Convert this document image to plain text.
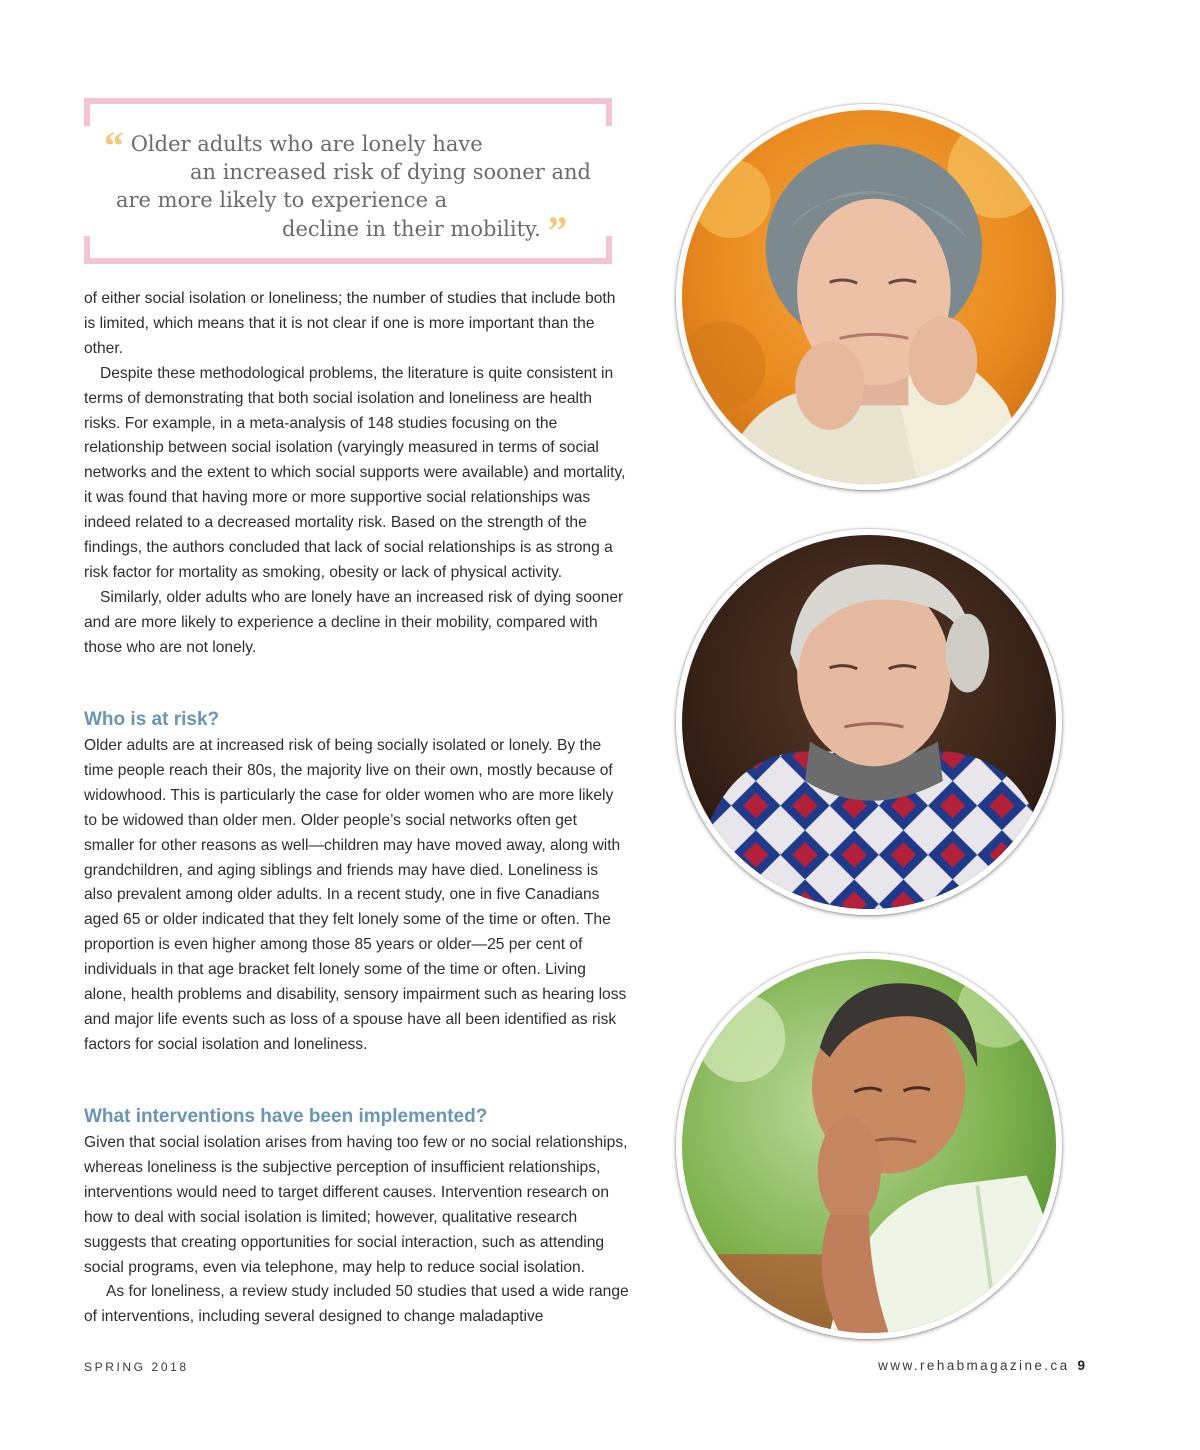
“ Older adults who are lonely have
an increased risk of dying sooner and
are more likely to experience a
decline in their mobility. ”

of either social isolation or loneliness; the number of studies that include both is limited, which means that it is not clear if one is more important than the other.

Despite these methodological problems, the literature is quite consistent in terms of demonstrating that both social isolation and loneliness are health risks. For example, in a meta-analysis of 148 studies focusing on the relationship between social isolation (varyingly measured in terms of social networks and the extent to which social supports were available) and mortality, it was found that having more or more supportive social relationships was indeed related to a decreased mortality risk. Based on the strength of the findings, the authors concluded that lack of social relationships is as strong a risk factor for mortality as smoking, obesity or lack of physical activity.

Similarly, older adults who are lonely have an increased risk of dying sooner and are more likely to experience a decline in their mobility, compared with those who are not lonely.

Who is at risk?

Older adults are at increased risk of being socially isolated or lonely. By the time people reach their 80s, the majority live on their own, mostly because of widowhood. This is particularly the case for older women who are more likely to be widowed than older men. Older people’s social networks often get smaller for other reasons as well—children may have moved away, along with grandchildren, and aging siblings and friends may have died. Loneliness is also prevalent among older adults. In a recent study, one in five Canadians aged 65 or older indicated that they felt lonely some of the time or often. The proportion is even higher among those 85 years or older—25 per cent of individuals in that age bracket felt lonely some of the time or often. Living alone, health problems and disability, sensory impairment such as hearing loss and major life events such as loss of a spouse have all been identified as risk factors for social isolation and loneliness.

What interventions have been implemented?

Given that social isolation arises from having too few or no social relationships, whereas loneliness is the subjective perception of insufficient relationships, interventions would need to target different causes. Intervention research on how to deal with social isolation is limited; however, qualitative research suggests that creating opportunities for social interaction, such as attending social programs, even via telephone, may help to reduce social isolation.

As for loneliness, a review study included 50 studies that used a wide range of interventions, including several designed to change maladaptive

SPRING 2018	www.rehabmagazine.ca 9
